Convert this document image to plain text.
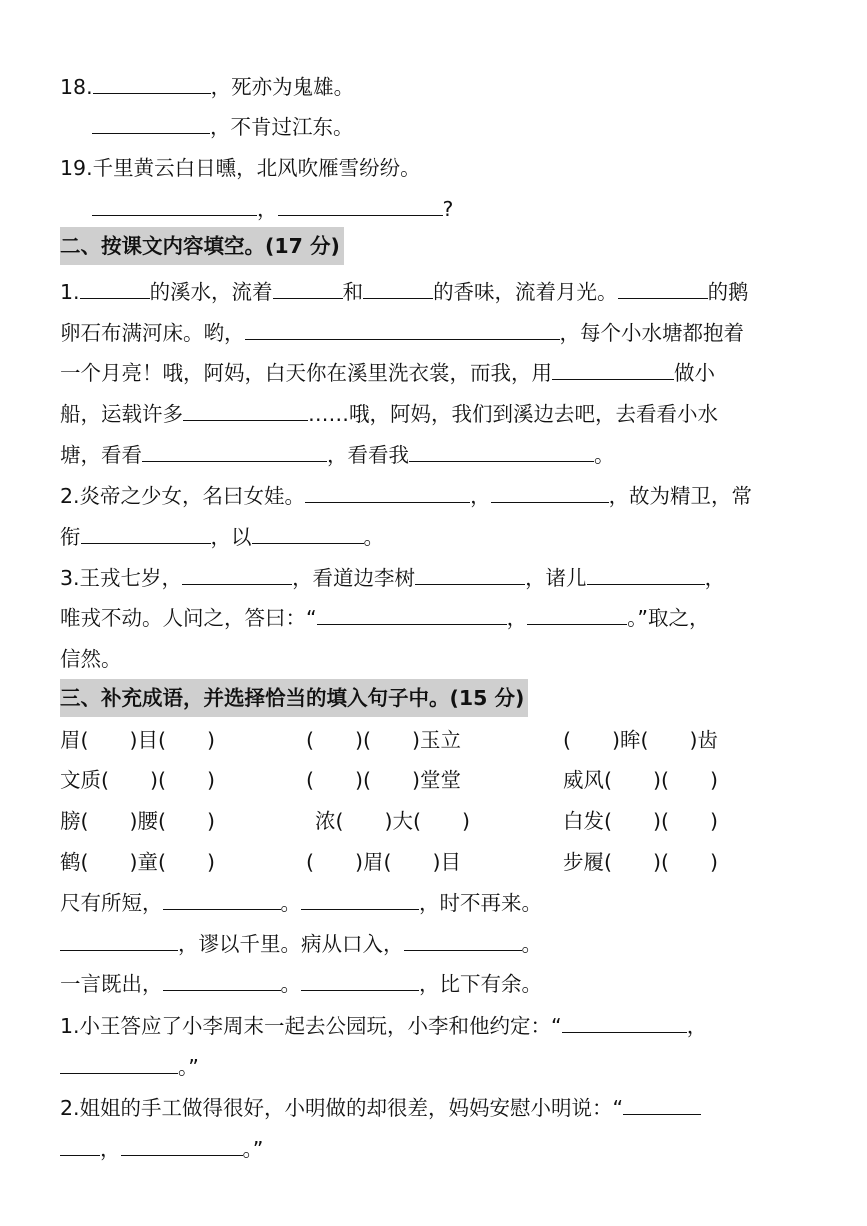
18.	，死亦为鬼雄。
，不肯过江东。
19.千里黄云白日曛，北风吹雁雪纷纷。
，	?
二、按课文内容填空。(17 分)
1.	的溪水，流着	和	的香味，流着月光。	的鹅
卵石布满河床。哟，	，每个小水塘都抱着
一个月亮！哦，阿妈，白天你在溪里洗衣裳，而我，用	做小
船，运载许多	……哦，阿妈，我们到溪边去吧，去看看小水
塘，看看	，看看我	。
2.炎帝之少女，名曰女娃。	，	，故为精卫，常
衔	，以	。
3.王戎七岁，	，看道边李树	，诸儿	，
唯戎不动。人问之，答曰：“	，	。”取之，
信然。
三、补充成语，并选择恰当的填入句子中。(15 分)
眉(　　)目(　　)	(　　)(　　)玉立	(　　)眸(　　)齿
文质(　　)(　　)	(　　)(　　)堂堂	威风(　　)(　　)
膀(　　)腰(　　)	浓(　　)大(　　)	白发(　　)(　　)
鹤(　　)童(　　)	(　　)眉(　　)目	步履(　　)(　　)
尺有所短，	。	，时不再来。
，谬以千里。病从口入，	。
一言既出，	。	，比下有余。
1.小王答应了小李周末一起去公园玩，小李和他约定：“	，
。”
2.姐姐的手工做得很好，小明做的却很差，妈妈安慰小明说：“
，	。”
